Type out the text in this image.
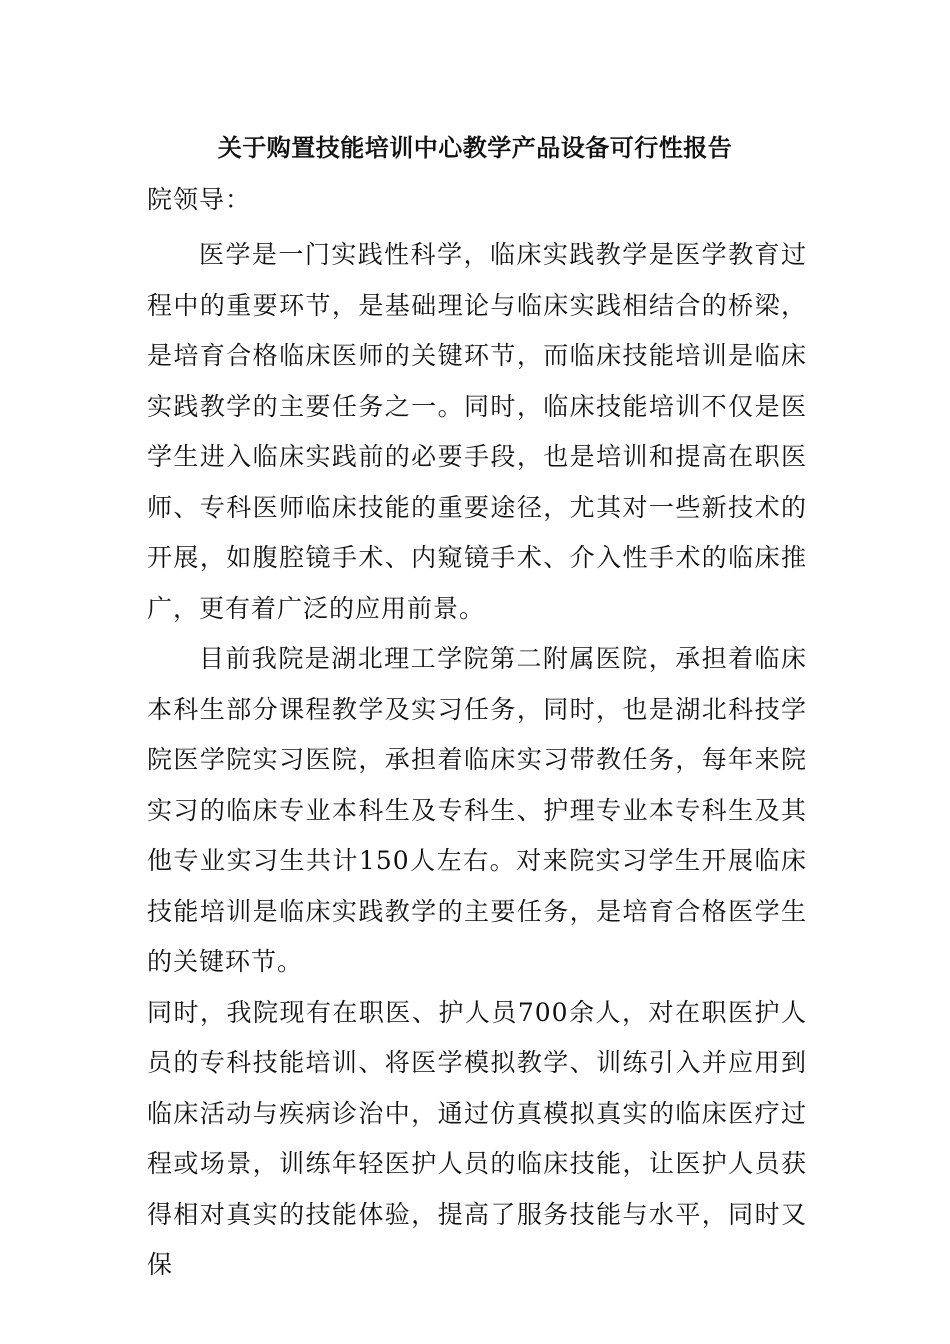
关于购置技能培训中心教学产品设备可行性报告

院领导：

医学是一门实践性科学，临床实践教学是医学教育过程中的重要环节，是基础理论与临床实践相结合的桥梁，是培育合格临床医师的关键环节，而临床技能培训是临床实践教学的主要任务之一。同时，临床技能培训不仅是医学生进入临床实践前的必要手段，也是培训和提高在职医师、专科医师临床技能的重要途径，尤其对一些新技术的开展，如腹腔镜手术、内窥镜手术、介入性手术的临床推广，更有着广泛的应用前景。

目前我院是湖北理工学院第二附属医院，承担着临床本科生部分课程教学及实习任务，同时，也是湖北科技学院医学院实习医院，承担着临床实习带教任务，每年来院实习的临床专业本科生及专科生、护理专业本专科生及其他专业实习生共计150人左右。对来院实习学生开展临床技能培训是临床实践教学的主要任务，是培育合格医学生的关键环节。

同时，我院现有在职医、护人员700余人，对在职医护人员的专科技能培训、将医学模拟教学、训练引入并应用到临床活动与疾病诊治中，通过仿真模拟真实的临床医疗过程或场景，训练年轻医护人员的临床技能，让医护人员获得相对真实的技能体验，提高了服务技能与水平，同时又保
